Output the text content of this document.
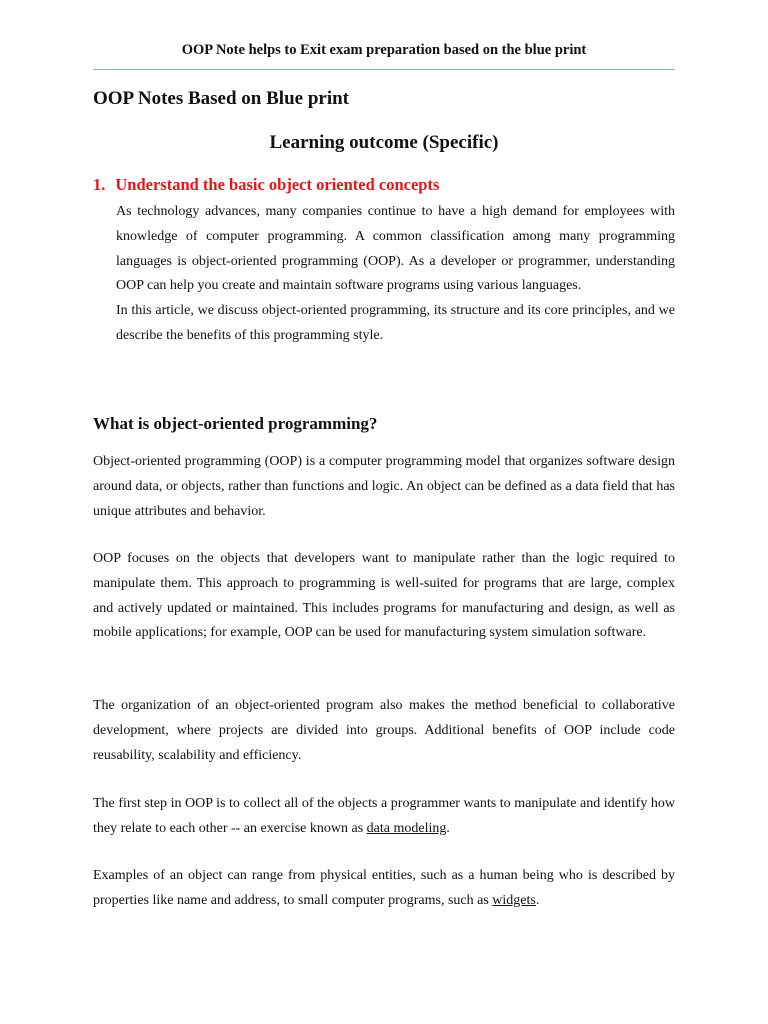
OOP Note helps to Exit exam preparation based on the blue print
OOP Notes Based on Blue print
Learning outcome (Specific)
1. Understand the basic object oriented concepts

As technology advances, many companies continue to have a high demand for employees with knowledge of computer programming. A common classification among many programming languages is object-oriented programming (OOP). As a developer or programmer, understanding OOP can help you create and maintain software programs using various languages.

In this article, we discuss object-oriented programming, its structure and its core principles, and we describe the benefits of this programming style.

What is object-oriented programming?

Object-oriented programming (OOP) is a computer programming model that organizes software design around data, or objects, rather than functions and logic. An object can be defined as a data field that has unique attributes and behavior.

OOP focuses on the objects that developers want to manipulate rather than the logic required to manipulate them. This approach to programming is well-suited for programs that are large, complex and actively updated or maintained. This includes programs for manufacturing and design, as well as mobile applications; for example, OOP can be used for manufacturing system simulation software.

The organization of an object-oriented program also makes the method beneficial to collaborative development, where projects are divided into groups. Additional benefits of OOP include code reusability, scalability and efficiency.

The first step in OOP is to collect all of the objects a programmer wants to manipulate and identify how they relate to each other -- an exercise known as data modeling.

Examples of an object can range from physical entities, such as a human being who is described by properties like name and address, to small computer programs, such as widgets.
